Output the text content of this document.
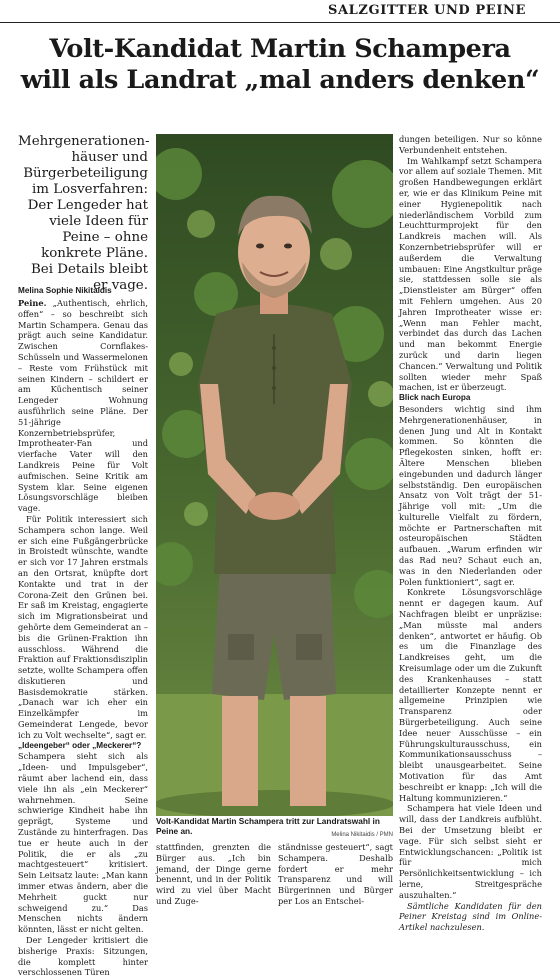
SALZGITTER UND PEINE
Volt-Kandidat Martin Schampera
will als Landrat „mal anders denken“
Mehrgenerationen-häuser und Bürgerbeteiligung im Losverfahren: Der Lengeder hat viele Ideen für Peine – ohne konkrete Pläne. Bei Details bleibt er vage.
Melina Sophie Nikitaidis

Peine. „Authentisch, ehrlich, offen“ – so beschreibt sich Martin Schampera. Genau das prägt auch seine Kandidatur. Zwischen Cornflakes-Schüsseln und Wassermelonen – Reste vom Frühstück mit seinen Kindern – schildert er am Küchentisch seiner Lengeder Wohnung ausführlich seine Pläne. Der 51-jährige Konzernbetriebsprüfer, Improtheater-Fan und vierfache Vater will den Landkreis Peine für Volt aufmischen. Seine Kritik am System klar. Seine eigenen Lösungsvorschläge bleiben vage.

Für Politik interessiert sich Schampera schon lange. Weil er sich eine Fußgängerbrücke in Broistedt wünschte, wandte er sich vor 17 Jahren erstmals an den Ortsrat, knüpfte dort Kontakte und trat in der Corona-Zeit den Grünen bei. Er saß im Kreistag, engagierte sich im Migrationsbeirat und gehörte dem Gemeinderat an – bis die Grünen-Fraktion ihn ausschloss. Während die Fraktion auf Fraktionsdisziplin setzte, wollte Schampera offen diskutieren und Basisdemokratie stärken. „Danach war ich eher ein Einzelkämpfer im Gemeinderat Lengede, bevor ich zu Volt wechselte“, sagt er.

„Ideengeber“ oder „Meckerer“?

Schampera sieht sich als „Ideen- und Impulsgeber“, räumt aber lachend ein, dass viele ihn als „ein Meckerer“ wahrnehmen. Seine schwierige Kindheit habe ihn geprägt, Systeme und Zustände zu hinterfragen. Das tue er heute auch in der Politik, die er als „zu machtgesteuert“ kritisiert. Sein Leitsatz laute: „Man kann immer etwas ändern, aber die Mehrheit guckt nur schweigend zu.“ Das Menschen nichts ändern könnten, lässt er nicht gelten.

Der Lengeder kritisiert die bisherige Praxis: Sitzungen, die komplett hinter verschlossenen Türen

Volt-Kandidat Martin Schampera tritt zur Landratswahl in Peine an.	Melina Nikitaidis / PMN
stattfinden, grenzten die Bürger aus. „Ich bin jemand, der Dinge gerne benennt, und in der Politik wird zu viel über Macht und Zuge-
ständnisse gesteuert“, sagt Schampera. Deshalb fordert er mehr Transparenz und will Bürgerinnen und Bürger per Los an Entschei-

dungen beteiligen. Nur so könne Verbundenheit entstehen.

Im Wahlkampf setzt Schampera vor allem auf soziale Themen. Mit großen Handbewegungen erklärt er, wie er das Klinikum Peine mit einer Hygienepolitik nach niederländischem Vorbild zum Leuchtturmprojekt für den Landkreis machen will. Als Konzernbetriebsprüfer will er außerdem die Verwaltung umbauen: Eine Angstkultur präge sie, stattdessen solle sie als „Dienstleister am Bürger“ offen mit Fehlern umgehen. Aus 20 Jahren Improtheater wisse er: „Wenn man Fehler macht, verbindet das durch das Lachen und man bekommt Energie zurück und darin liegen Chancen.“ Verwaltung und Politik sollten wieder mehr Spaß machen, ist er überzeugt.

Blick nach Europa

Besonders wichtig sind ihm Mehrgenerationenhäuser, in denen Jung und Alt in Kontakt kommen. So könnten die Pflegekosten sinken, hofft er: Ältere Menschen blieben eingebunden und dadurch länger selbstständig. Den europäischen Ansatz von Volt trägt der 51-Jährige voll mit: „Um die kulturelle Vielfalt zu fördern, möchte er Partnerschaften mit osteuropäischen Städten aufbauen. „Warum erfinden wir das Rad neu? Schaut euch an, was in den Niederlanden oder Polen funktioniert“, sagt er.

Konkrete Lösungsvorschläge nennt er dagegen kaum. Auf Nachfragen bleibt er unpräzise: „Man müsste mal anders denken“, antwortet er häufig. Ob es um die Finanzlage des Landkreises geht, um die Kreisumlage oder um die Zukunft des Krankenhauses – statt detaillierter Konzepte nennt er allgemeine Prinzipien wie Transparenz oder Bürgerbeteiligung. Auch seine Idee neuer Ausschüsse – ein Führungskulturausschuss, ein Kommunikationsausschuss – bleibt unausgearbeitet. Seine Motivation für das Amt beschreibt er knapp: „Ich will die Haltung kommunizieren.“

Schampera hat viele Ideen und will, dass der Landkreis aufblüht. Bei der Umsetzung bleibt er vage. Für sich selbst sieht er Entwicklungschancen: „Politik ist für mich Persönlichkeitsentwicklung – ich lerne, Streitgespräche auszuhalten.“

Sämtliche Kandidaten für den Peiner Kreistag sind im Online-Artikel nachzulesen.
